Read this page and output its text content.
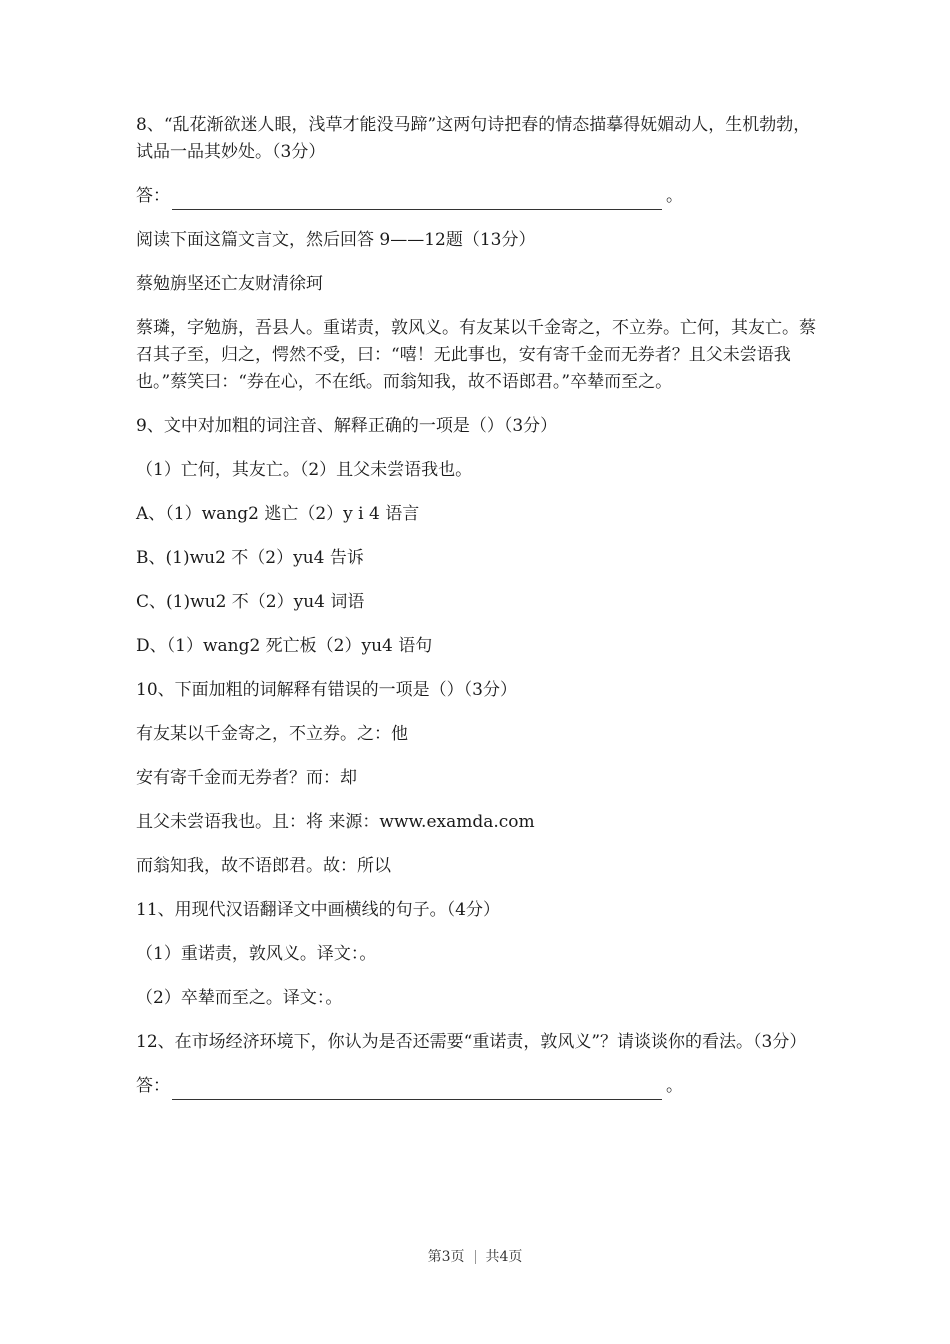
8、“乱花渐欲迷人眼，浅草才能没马蹄”这两句诗把春的情态描摹得妩媚动人，生机勃勃，试品一品其妙处。（3分）

答：	。

阅读下面这篇文言文，然后回答 9——12题（13分）

蔡勉旃坚还亡友财清徐珂

蔡璘，字勉旃，吾县人。重诺责，敦风义。有友某以千金寄之，不立券。亡何，其友亡。蔡召其子至，归之，愕然不受，曰：“嘻！无此事也，安有寄千金而无券者？且父未尝语我也。”蔡笑曰：“券在心，不在纸。而翁知我，故不语郎君。”卒辇而至之。

9、文中对加粗的词注音、解释正确的一项是（）（3分）

（1）亡何，其友亡。（2）且父未尝语我也。

A、（1）wang2 逃亡（2）y i 4 语言

B、(1)wu2 不（2）yu4 告诉

C、(1)wu2 不（2）yu4 词语

D、（1）wang2 死亡板（2）yu4 语句

10、下面加粗的词解释有错误的一项是（）（3分）

有友某以千金寄之，不立券。之：他

安有寄千金而无券者？而：却

且父未尝语我也。且：将 来源：www.examda.com

而翁知我，故不语郎君。故：所以

11、用现代汉语翻译文中画横线的句子。（4分）

（1）重诺责，敦风义。译文：。

（2）卒辇而至之。译文：。

12、在市场经济环境下，你认为是否还需要“重诺责，敦风义”？请谈谈你的看法。（3分）

答：	。
第3页 共4页
